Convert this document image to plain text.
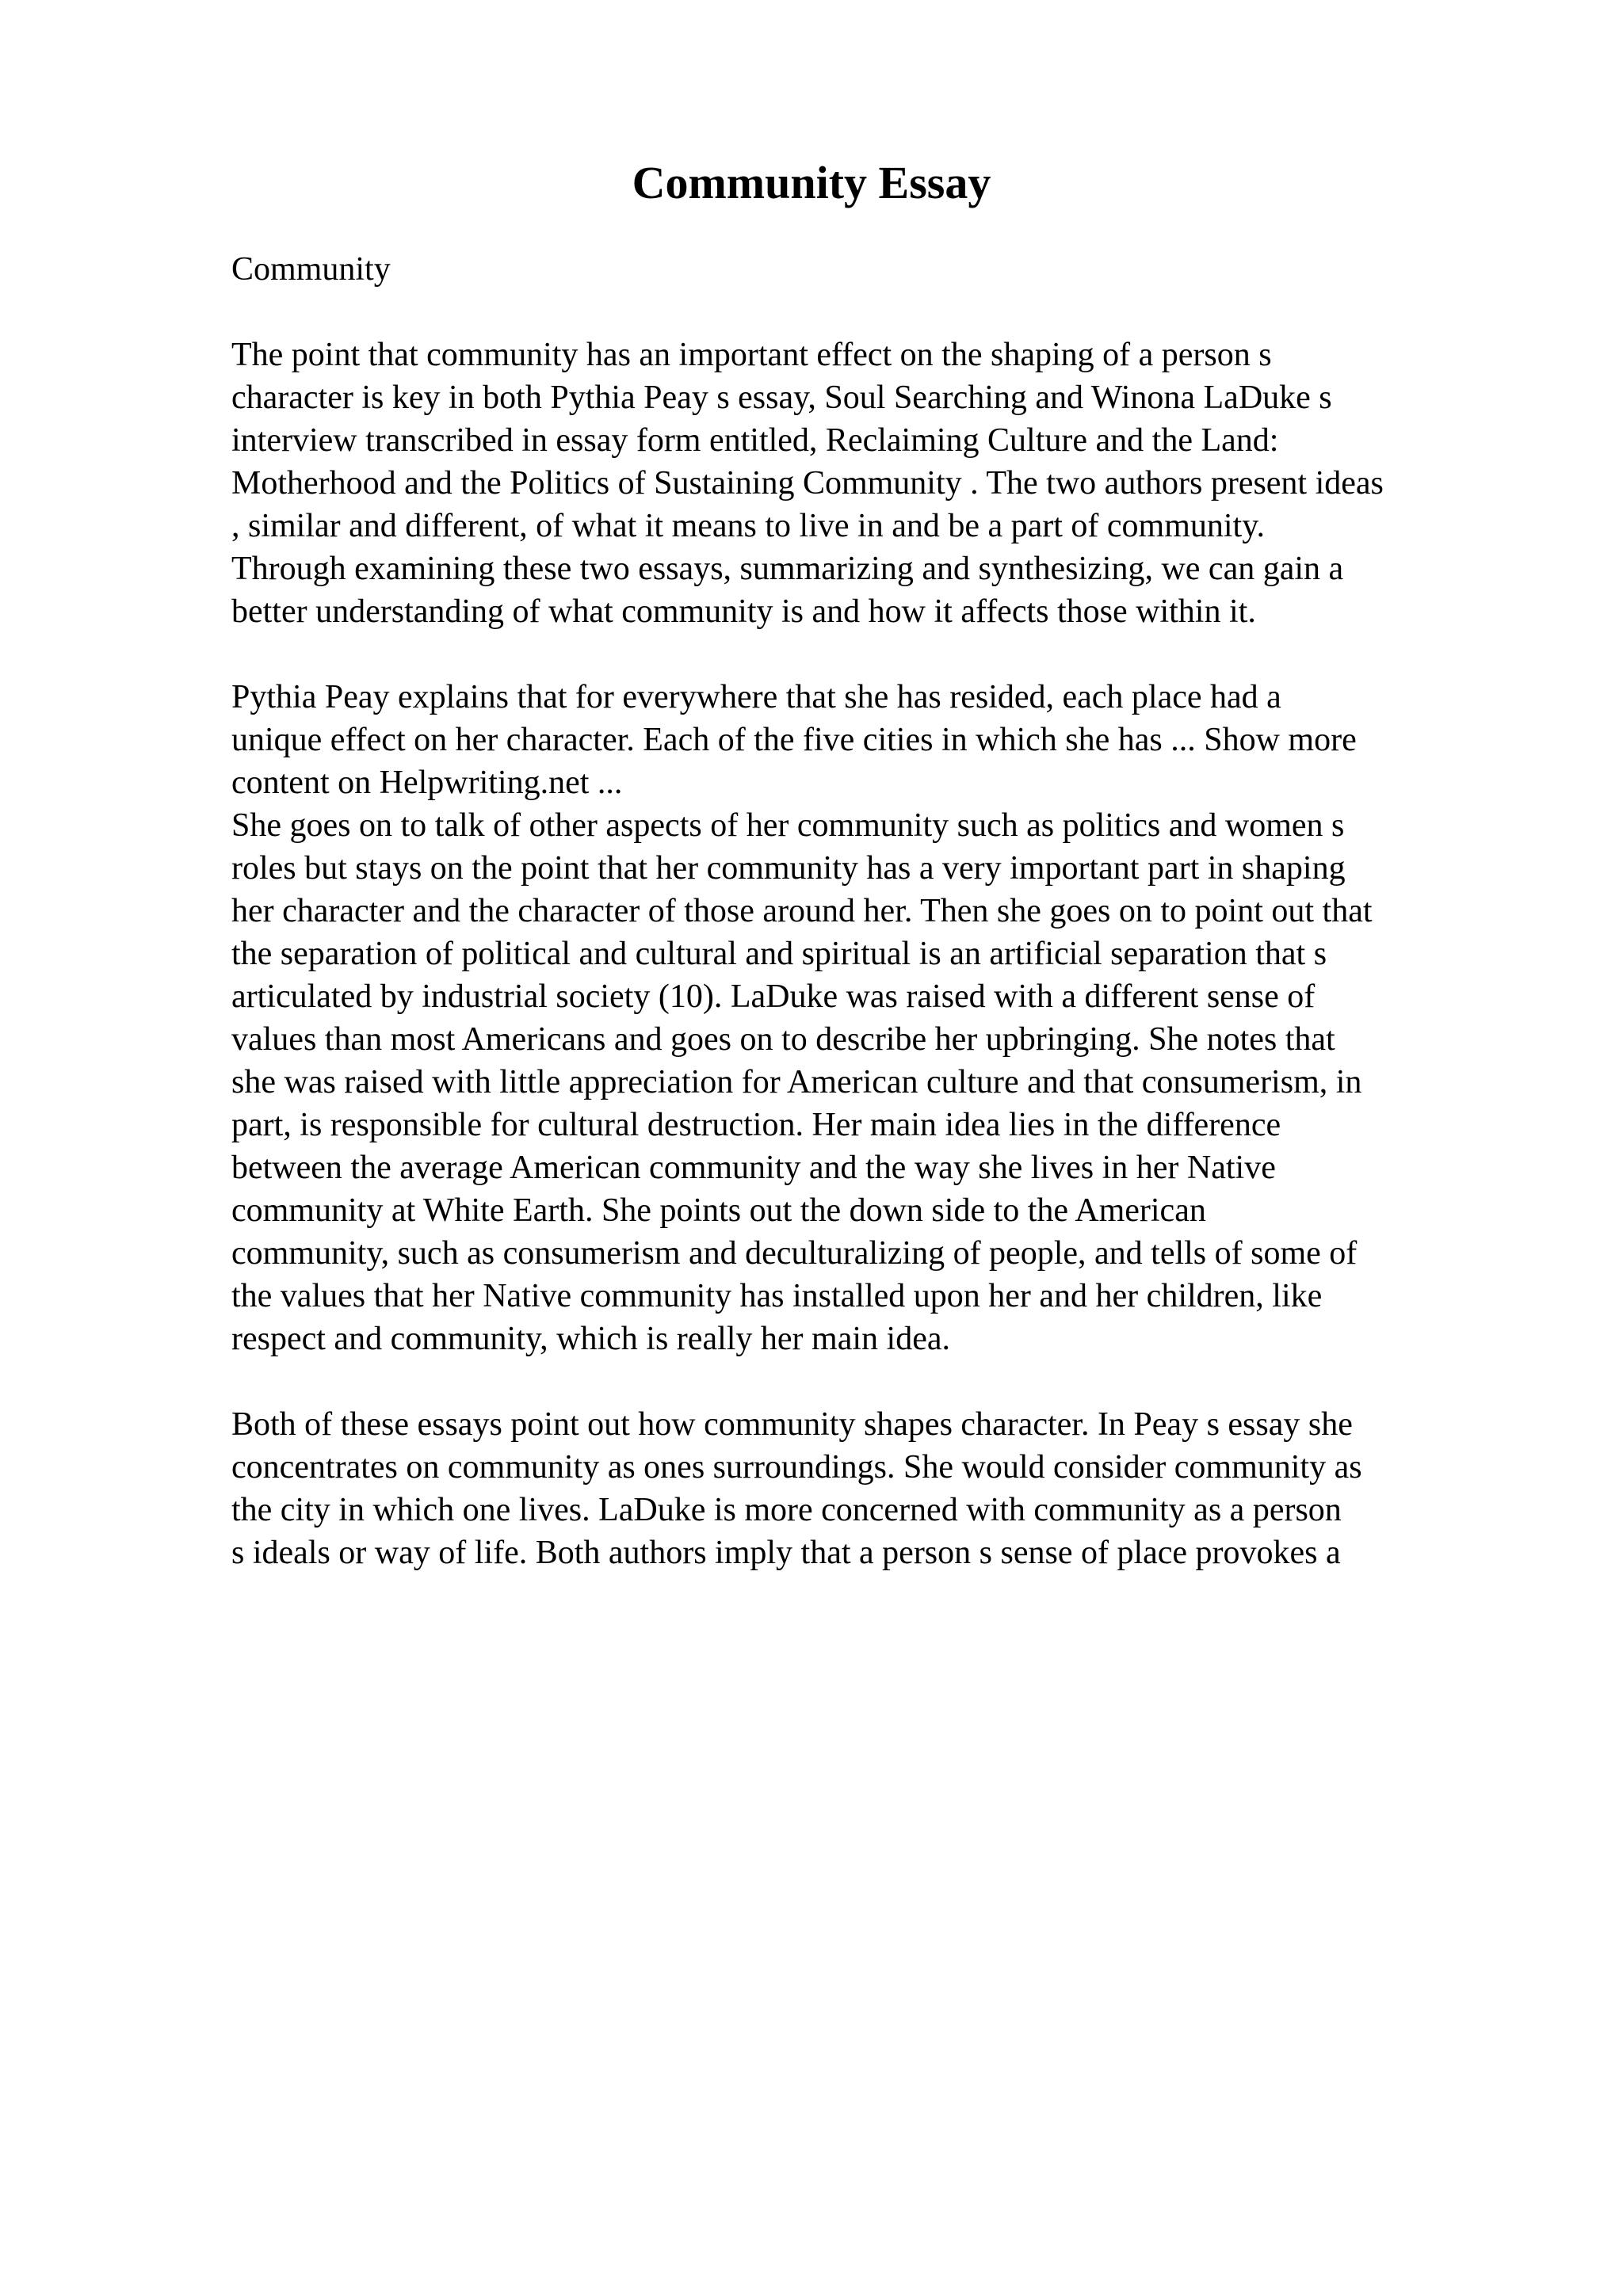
Community Essay

Community

The point that community has an important effect on the shaping of a person s

character is key in both Pythia Peay s essay, Soul Searching and Winona LaDuke s

interview transcribed in essay form entitled, Reclaiming Culture and the Land:

Motherhood and the Politics of Sustaining Community . The two authors present ideas

, similar and different, of what it means to live in and be a part of community.

Through examining these two essays, summarizing and synthesizing, we can gain a

better understanding of what community is and how it affects those within it.

Pythia Peay explains that for everywhere that she has resided, each place had a

unique effect on her character. Each of the five cities in which she has ... Show more

content on Helpwriting.net ...

She goes on to talk of other aspects of her community such as politics and women s

roles but stays on the point that her community has a very important part in shaping

her character and the character of those around her. Then she goes on to point out that

the separation of political and cultural and spiritual is an artificial separation that s

articulated by industrial society (10). LaDuke was raised with a different sense of

values than most Americans and goes on to describe her upbringing. She notes that

she was raised with little appreciation for American culture and that consumerism, in

part, is responsible for cultural destruction. Her main idea lies in the difference

between the average American community and the way she lives in her Native

community at White Earth. She points out the down side to the American

community, such as consumerism and deculturalizing of people, and tells of some of

the values that her Native community has installed upon her and her children, like

respect and community, which is really her main idea.

Both of these essays point out how community shapes character. In Peay s essay she

concentrates on community as ones surroundings. She would consider community as

the city in which one lives. LaDuke is more concerned with community as a person

s ideals or way of life. Both authors imply that a person s sense of place provokes a
